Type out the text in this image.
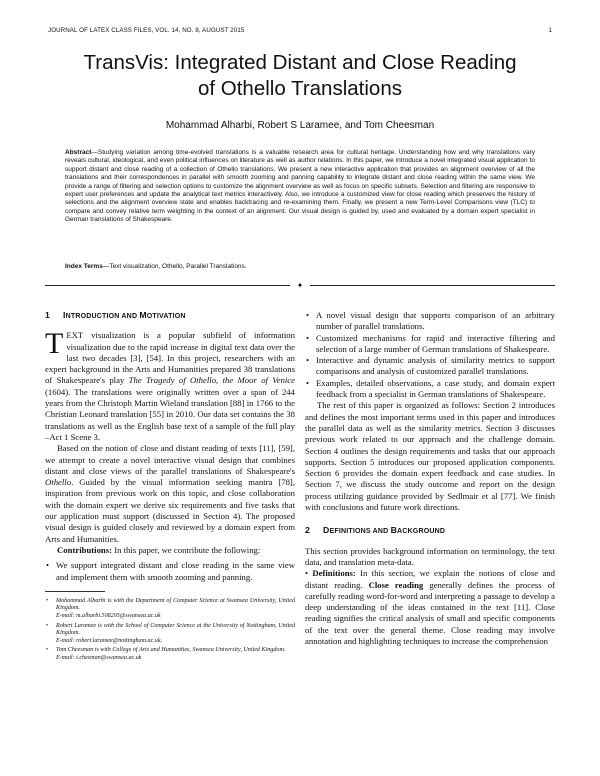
JOURNAL OF LATEX CLASS FILES, VOL. 14, NO. 8, AUGUST 2015	1
TransVis: Integrated Distant and Close Reading
of Othello Translations
Mohammad Alharbi, Robert S Laramee, and Tom Cheesman
Abstract—Studying variation among time-evolved translations is a valuable research area for cultural heritage. Understanding how and why translations vary reveals cultural, ideological, and even political influences on literature as well as author relations. In this paper, we introduce a novel integrated visual application to support distant and close reading of a collection of Othello translations. We present a new interactive application that provides an alignment overview of all the translations and their correspondences in parallel with smooth zooming and panning capability to integrate distant and close reading within the same view. We provide a range of filtering and selection options to customize the alignment overview as well as focus on specific subsets. Selection and filtering are responsive to expert user preferences and update the analytical text metrics interactively. Also, we introduce a customized view for close reading which preserves the history of selections and the alignment overview state and enables backtracing and re-examining them. Finally, we present a new Term-Level Comparisons view (TLC) to compare and convey relative term weighting in the context of an alignment. Our visual design is guided by, used and evaluated by a domain expert specialist in German translations of Shakespeare.
Index Terms—Text visualization, Othello, Parallel Translations.
✦
1 INTRODUCTION AND MOTIVATION

TEXT visualization is a popular subfield of information visualization due to the rapid increase in digital text data over the last two decades [3], [54]. In this project, researchers with an expert background in the Arts and Humanities prepared 38 translations of Shakespeare's play The Tragedy of Othello, the Moor of Venice (1604). The translations were originally written over a span of 244 years from the Christoph Martin Wieland translation [88] in 1766 to the Christian Leonard translation [55] in 2010. Our data set contains the 38 translations as well as the English base text of a sample of the full play –Act 1 Scene 3.

Based on the notion of close and distant reading of texts [11], [59], we attempt to create a novel interactive visual design that combines distant and close views of the parallel translations of Shakespeare's Othello. Guided by the visual information seeking mantra [78], inspiration from previous work on this topic, and close collaboration with the domain expert we derive six requirements and five tasks that our application must support (discussed in Section 4). The proposed visual design is guided closely and reviewed by a domain expert from Arts and Humanities.

Contributions: In this paper, we contribute the following:

• We support integrated distant and close reading in the same view and implement them with smooth zooming and panning.
• Mohammad Alharbi is with the Department of Computer Science at Swansea University, United Kingdom.
E-mail: m.alharbi.508205@swansea.ac.uk
• Robert Laramee is with the School of Computer Science at the University of Nottingham, United Kingdom.
E-mail: robert.laramee@nottingham.ac.uk.
• Tom Cheesman is with College of Arts and Humanities, Swansea University, United Kingdom.
E-mail: t.chesman@swansea.ac.uk
• A novel visual design that supports comparison of an arbitrary number of parallel translations.
• Customized mechanisms for rapid and interactive filtering and selection of a large number of German translations of Shakespeare.
• Interactive and dynamic analysis of similarity metrics to support comparisons and analysis of customized parallel translations.
• Examples, detailed observations, a case study, and domain expert feedback from a specialist in German translations of Shakespeare.

The rest of this paper is organized as follows: Section 2 introduces and defines the most important terms used in this paper and introduces the parallel data as well as the similarity metrics. Section 3 discusses previous work related to our approach and the challenge domain. Section 4 outlines the design requirements and tasks that our approach supports. Section 5 introduces our proposed application components. Section 6 provides the domain expert feedback and case studies. In Section 7, we discuss the study outcome and report on the design process utilizing guidance provided by Sedlmair et al [77]. We finish with conclusions and future work directions.

2 DEFINITIONS AND BACKGROUND

This section provides background information on terminology, the text data, and translation meta-data.

• Definitions: In this section, we explain the notions of close and distant reading. Close reading generally defines the process of carefully reading word-for-word and interpreting a passage to develop a deep understanding of the ideas contained in the text [11]. Close reading signifies the critical analysis of small and specific components of the text over the general theme. Close reading may involve annotation and highlighting techniques to increase the comprehension
